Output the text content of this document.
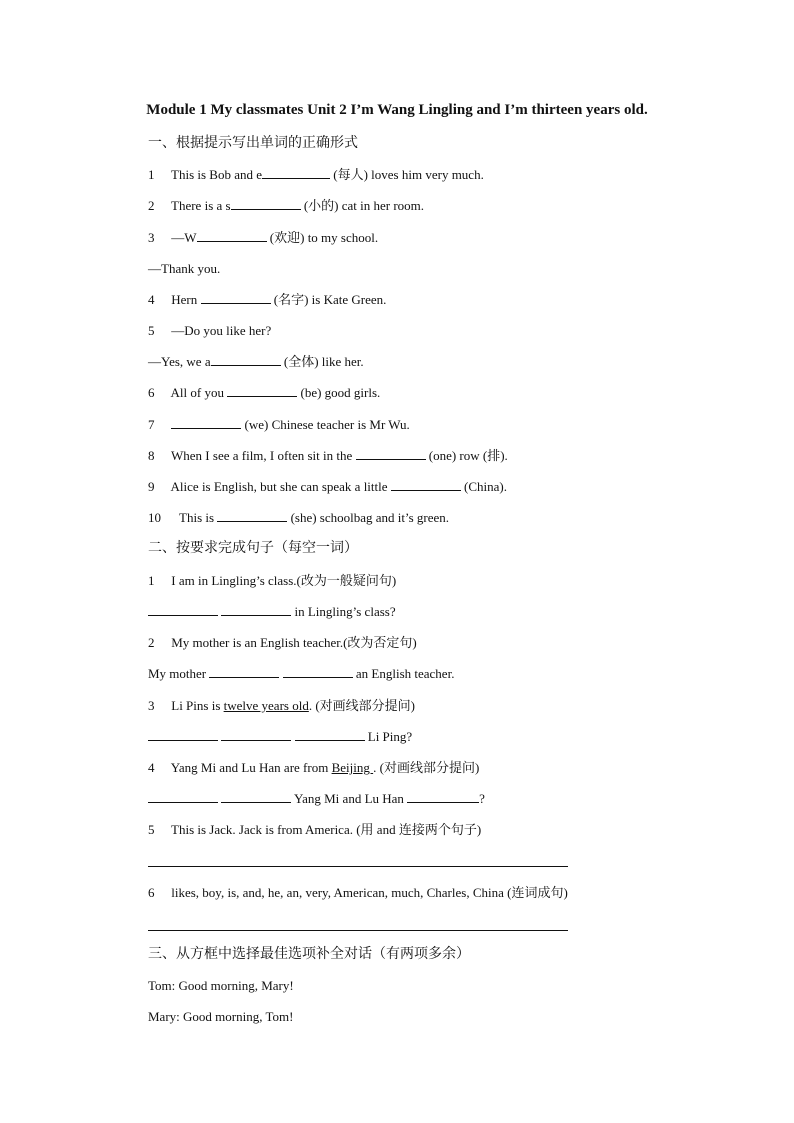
Module 1 My classmates Unit 2 I’m Wang Lingling and I’m thirteen years old.
一、根据提示写出单词的正确形式
1 This is Bob and e	(每人) loves him very much.
2 There is a s	(小的) cat in her room.
3 —W	(欢迎) to my school.
—Thank you.
4 Hern	(名字) is Kate Green.
5 —Do you like her?
—Yes, we a	(全体) like her.
6 All of you	(be) good girls.
7	(we) Chinese teacher is Mr Wu.
8 When I see a film, I often sit in the	(one) row (排).
9 Alice is English, but she can speak a little	(China).
10 This is	(she) schoolbag and it’s green.
二、按要求完成句子（每空一词）
1 I am in Lingling’s class.(改为一般疑问句)
in Lingling’s class?
2 My mother is an English teacher.(改为否定句)
My mother	an English teacher.
3 Li Pins is twelve years old. (对画线部分提问)
Li Ping?
4 Yang Mi and Lu Han are from Beijing . (对画线部分提问)
Yang Mi and Lu Han	?
5 This is Jack. Jack is from America. (用 and 连接两个句子)
6 likes, boy, is, and, he, an, very, American, much, Charles, China (连词成句)
三、从方框中选择最佳选项补全对话（有两项多余）
Tom: Good morning, Mary!
Mary: Good morning, Tom!
